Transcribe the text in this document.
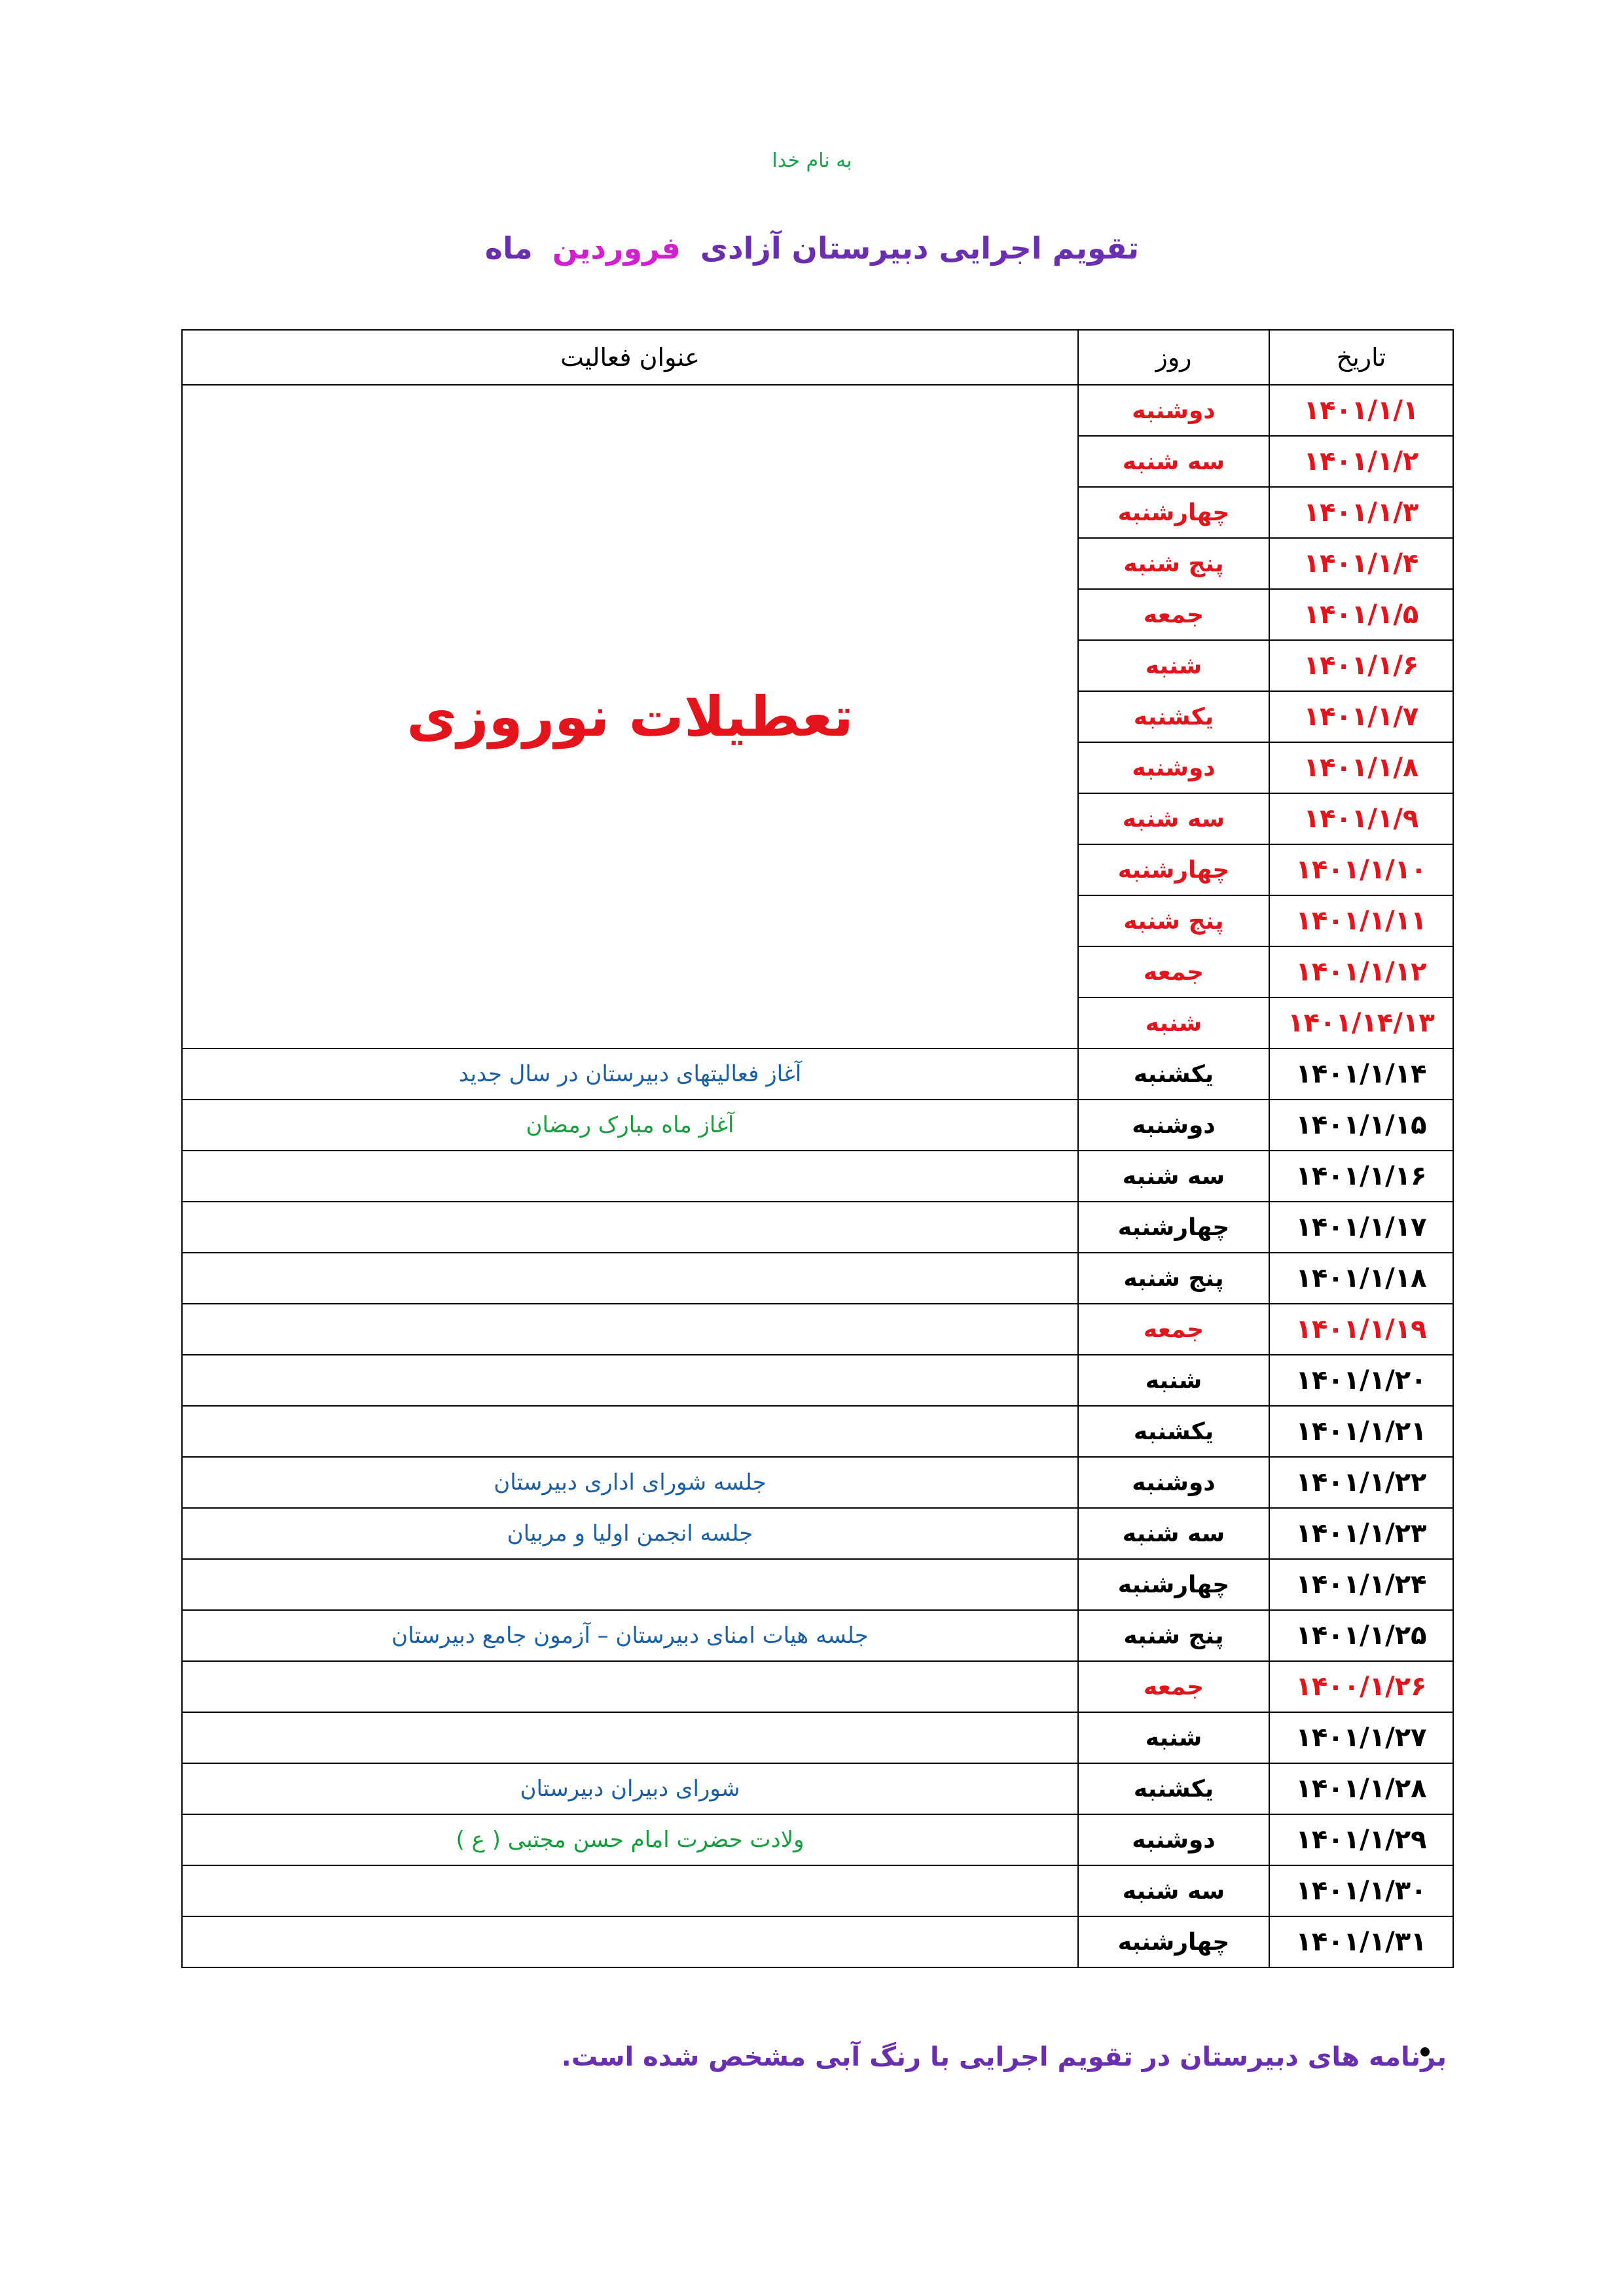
به نام خدا
تقویم اجرایی دبیرستان آزادی فروردین ماه
تاریخ	روز	عنوان فعالیت
۱۴۰۱/۱/۱	دوشنبه	تعطیلات نوروزی
۱۴۰۱/۱/۲	سه شنبه	
۱۴۰۱/۱/۳	چهارشنبه	
۱۴۰۱/۱/۴	پنج شنبه	
۱۴۰۱/۱/۵	جمعه	
۱۴۰۱/۱/۶	شنبه	
۱۴۰۱/۱/۷	یکشنبه	
۱۴۰۱/۱/۸	دوشنبه	
۱۴۰۱/۱/۹	سه شنبه	
۱۴۰۱/۱/۱۰	چهارشنبه	
۱۴۰۱/۱/۱۱	پنج شنبه	
۱۴۰۱/۱/۱۲	جمعه	
۱۴۰۱/۱۴/۱۳	شنبه	
۱۴۰۱/۱/۱۴	یکشنبه	آغاز فعالیتهای دبیرستان در سال جدید
۱۴۰۱/۱/۱۵	دوشنبه	آغاز ماه مبارک رمضان
۱۴۰۱/۱/۱۶	سه شنبه	
۱۴۰۱/۱/۱۷	چهارشنبه	
۱۴۰۱/۱/۱۸	پنج شنبه	
۱۴۰۱/۱/۱۹	جمعه	
۱۴۰۱/۱/۲۰	شنبه	
۱۴۰۱/۱/۲۱	یکشنبه	
۱۴۰۱/۱/۲۲	دوشنبه	جلسه شورای اداری دبیرستان
۱۴۰۱/۱/۲۳	سه شنبه	جلسه انجمن اولیا و مربیان
۱۴۰۱/۱/۲۴	چهارشنبه	
۱۴۰۱/۱/۲۵	پنج شنبه	جلسه هیات امنای دبیرستان – آزمون جامع دبیرستان
۱۴۰۰/۱/۲۶	جمعه	
۱۴۰۱/۱/۲۷	شنبه	
۱۴۰۱/۱/۲۸	یکشنبه	شورای دبیران دبیرستان
۱۴۰۱/۱/۲۹	دوشنبه	ولادت حضرت امام حسن مجتبی ( ع )
۱۴۰۱/۱/۳۰	سه شنبه	
۱۴۰۱/۱/۳۱	چهارشنبه	
برنامه های دبیرستان در تقویم اجرایی با رنگ آبی مشخص شده است.
